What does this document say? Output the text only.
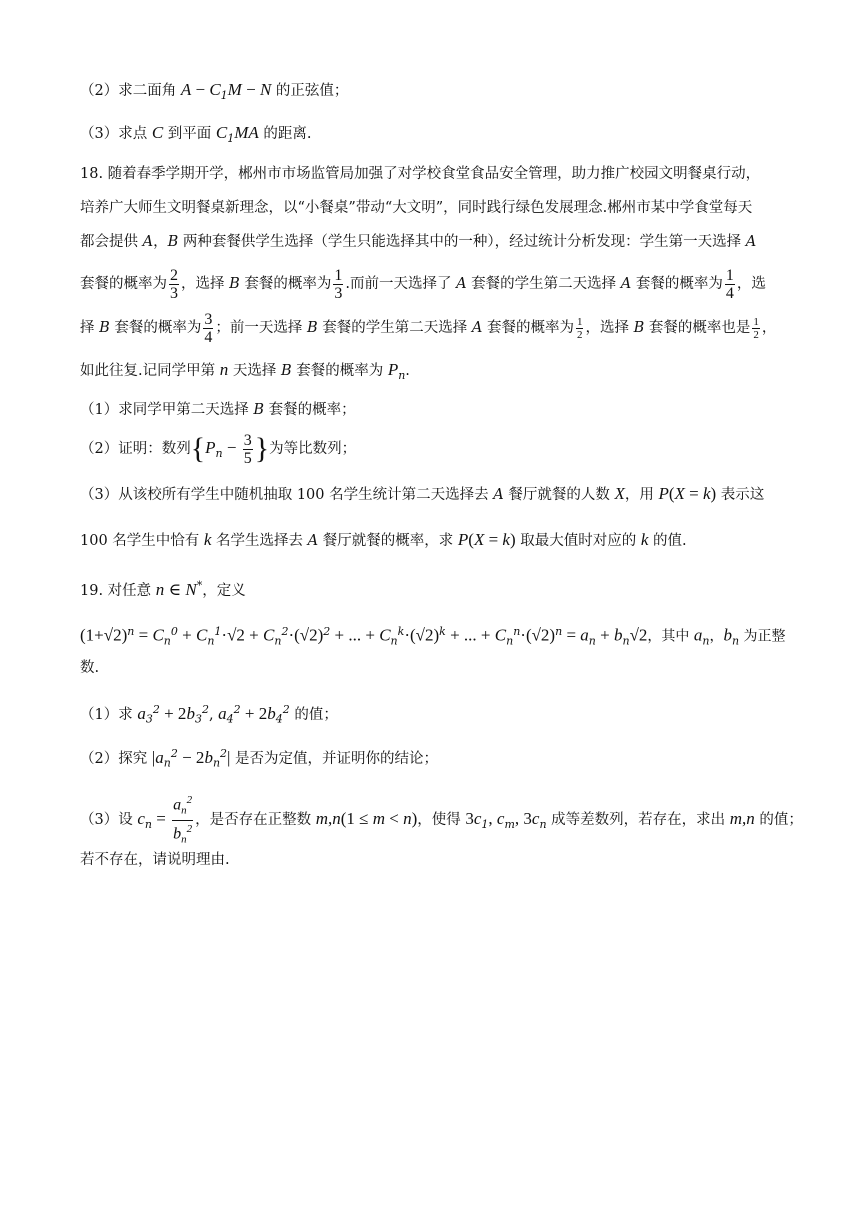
（2）求二面角 $A - C_1M - N$ 的正弦值；
（3）求点 C 到平面 $C_1MA$ 的距离.
18. 随着春季学期开学，郴州市市场监管局加强了对学校食堂食品安全管理，助力推广校园文明餐桌行动，
培养广大师生文明餐桌新理念，以“小餐桌”带动“大文明”，同时践行绿色发展理念.郴州市某中学食堂每天
都会提供 A，B 两种套餐供学生选择（学生只能选择其中的一种），经过统计分析发现：学生第一天选择 A
套餐的概率为 $\frac{2}{3}$ ，选择 B 套餐的概率为 $\frac{1}{3}$ .而前一天选择了 A 套餐的学生第二天选择 A 套餐的概率为 $\frac{1}{4}$ ，选
择 B 套餐的概率为 $\frac{3}{4}$ ；前一天选择 B 套餐的学生第二天选择 A 套餐的概率为 $\frac{1}{2}$ ，选择 B 套餐的概率也是 $\frac{1}{2}$ ，
如此往复.记同学甲第 n 天选择 B 套餐的概率为 $P_n$.
（1）求同学甲第二天选择 B 套餐的概率；
（2）证明：数列{$P_n - \frac{3}{5}$ }为等比数列；
（3）从该校所有学生中随机抽取 100 名学生统计第二天选择去 A 餐厅就餐的人数 X，用 P(X = k) 表示这
100 名学生中恰有 k 名学生选择去 A 餐厅就餐的概率，求 P(X = k) 取最大值时对应的 k 的值.
19. 对任意 n ∈ N*，定义
$(1+√2)^n = C_n^0 + C_n^1\cdot√2 + C_n^2\cdot(√2)^2$ + ... + $C_n^k\cdot(√2)^k$ + ... + $C_n^n\cdot(√2)^n = a_n + b_n√2$，其中 $a_n$，$b_n$ 为正整
数.
（1）求 $a_3^2 + 2b_3^2$, $a_4^2 + 2b_4^2$ 的值；
（2）探究 $|a_n^2 - 2b_n^2|$ 是否为定值，并证明你的结论；
（3）设 $c_n = \frac{a_n^2}{b_n^2}$ ，是否存在正整数 m,n(1 ≤ m < n)，使得 $3c_1$, $c_m$, $3c_n$ 成等差数列，若存在，求出 m,n 的值；
若不存在，请说明理由.
